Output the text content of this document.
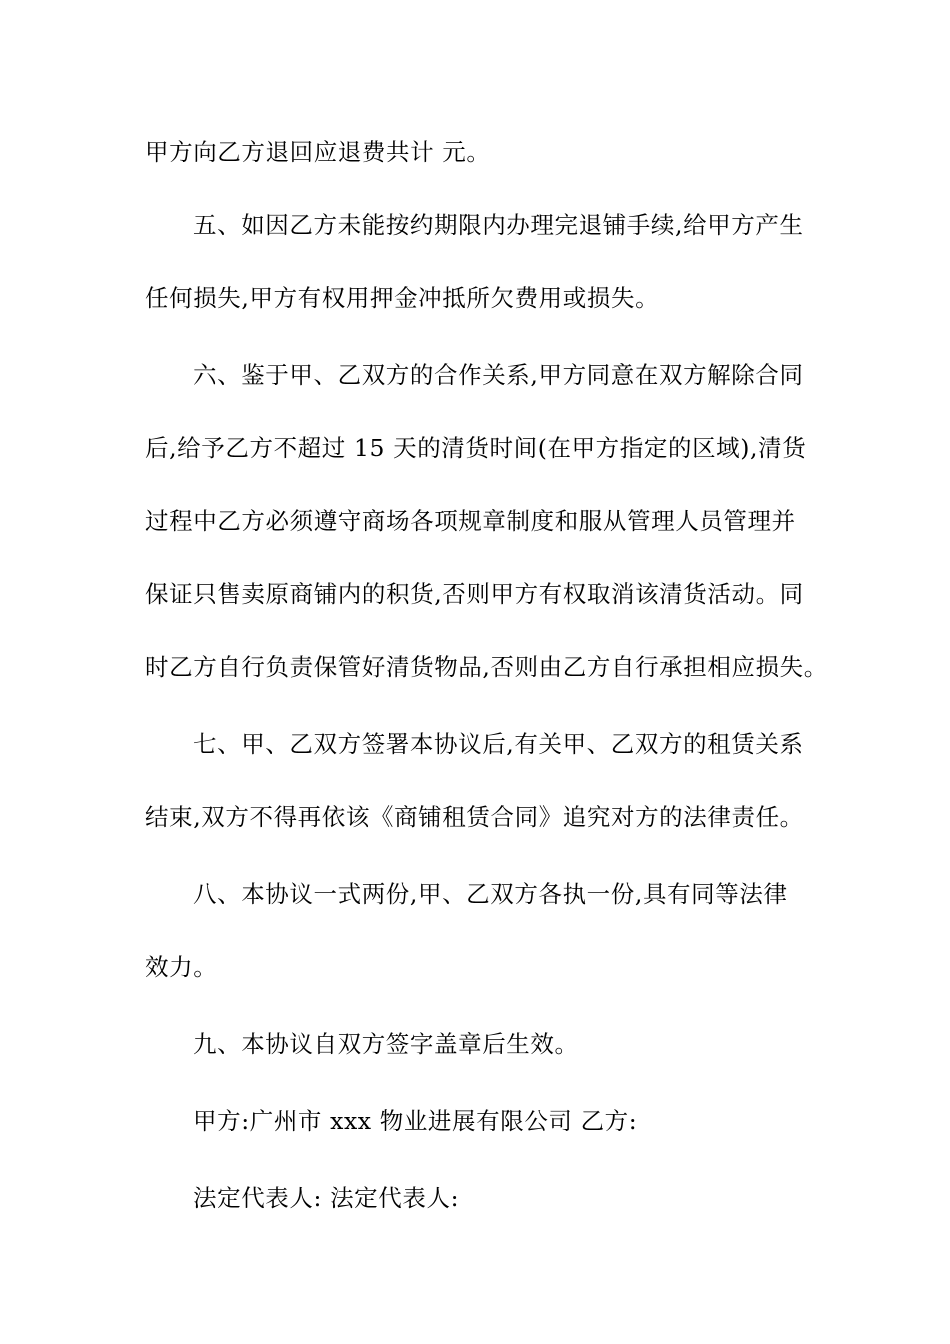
甲方向乙方退回应退费共计 元。
五、如因乙方未能按约期限内办理完退铺手续,给甲方产生
任何损失,甲方有权用押金冲抵所欠费用或损失。
六、鉴于甲、乙双方的合作关系,甲方同意在双方解除合同
后,给予乙方不超过 15 天的清货时间(在甲方指定的区域),清货
过程中乙方必须遵守商场各项规章制度和服从管理人员管理并
保证只售卖原商铺内的积货,否则甲方有权取消该清货活动。同
时乙方自行负责保管好清货物品,否则由乙方自行承担相应损失。
七、甲、乙双方签署本协议后,有关甲、乙双方的租赁关系
结束,双方不得再依该《商铺租赁合同》追究对方的法律责任。
八、本协议一式两份,甲、乙双方各执一份,具有同等法律
效力。
九、本协议自双方签字盖章后生效。
甲方:广州市 xxx 物业进展有限公司 乙方:
法定代表人: 法定代表人:
